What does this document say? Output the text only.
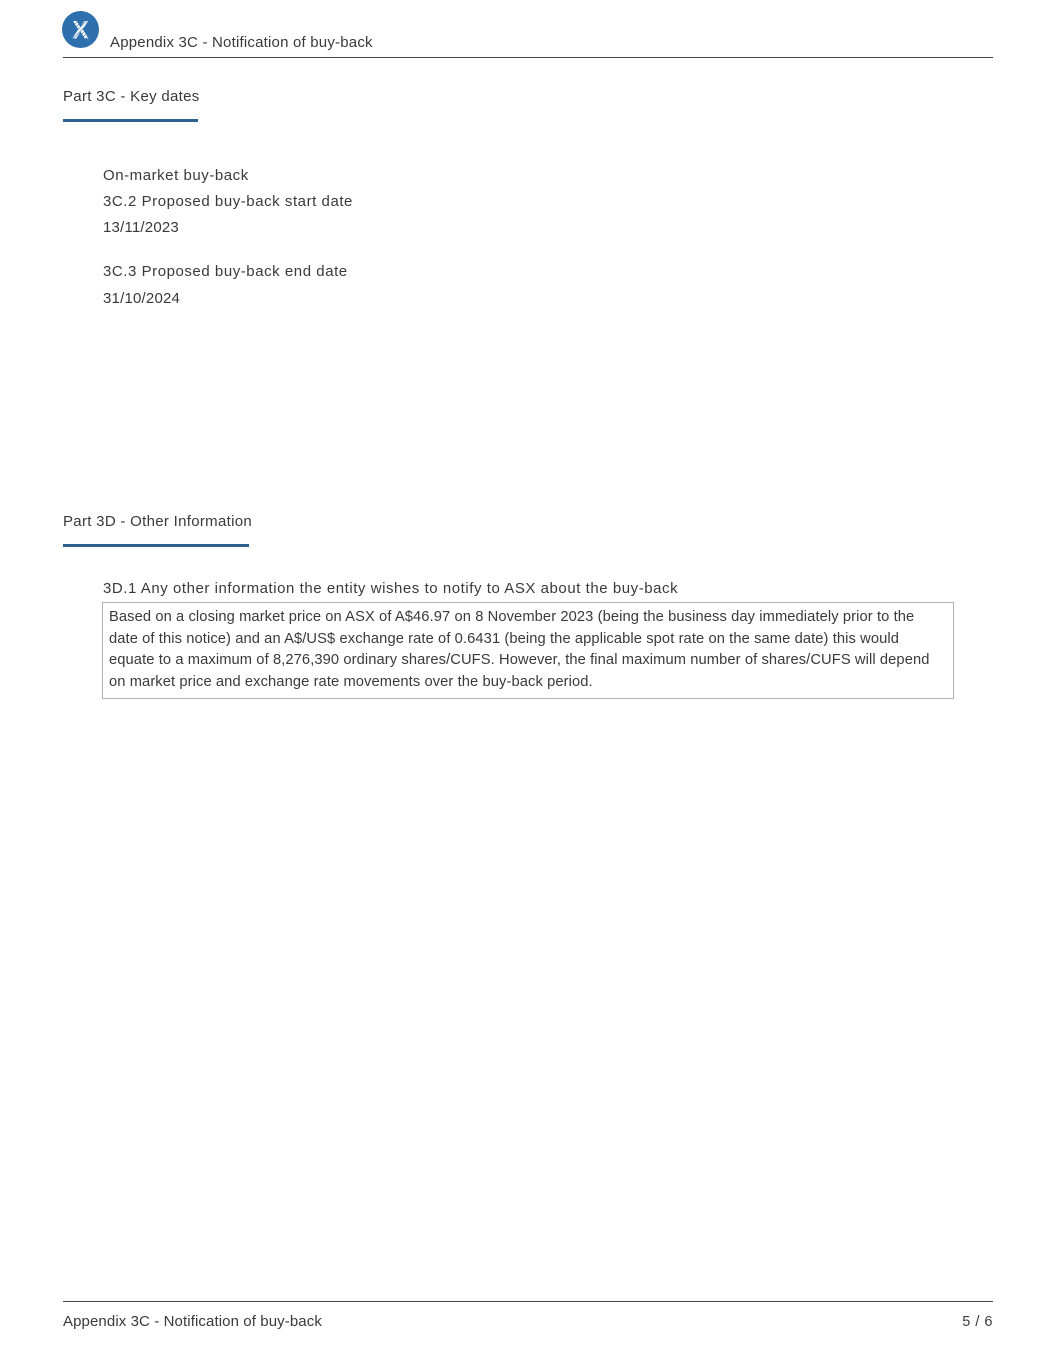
X Appendix 3C - Notification of buy-back
Part 3C - Key dates
On-market buy-back
3C.2 Proposed buy-back start date
13/11/2023
3C.3 Proposed buy-back end date
31/10/2024
Part 3D - Other Information
3D.1 Any other information the entity wishes to notify to ASX about the buy-back
Based on a closing market price on ASX of A$46.97 on 8 November 2023 (being the business day immediately prior to the date of this notice) and an A$/US$ exchange rate of 0.6431 (being the applicable spot rate on the same date) this would equate to a maximum of 8,276,390 ordinary shares/CUFS. However, the final maximum number of shares/CUFS will depend on market price and exchange rate movements over the buy-back period.
Appendix 3C - Notification of buy-back	5 / 6
